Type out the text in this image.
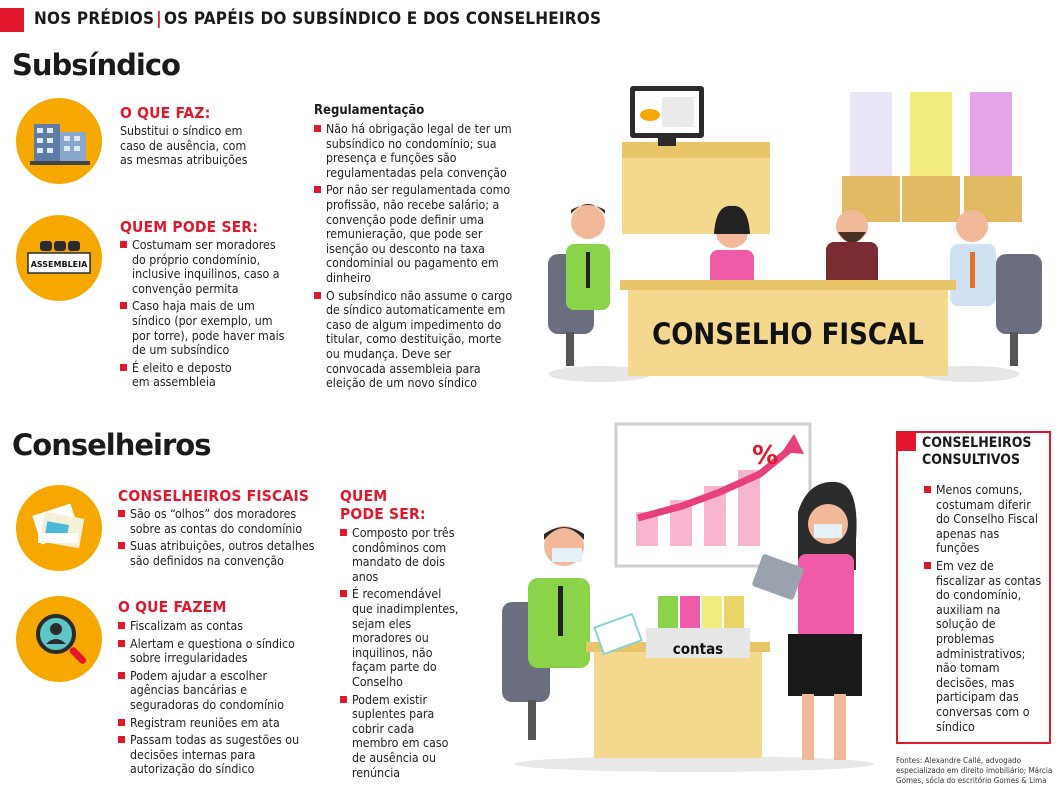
NOS PRÉDIOS | OS PAPÉIS DO SUBSÍNDICO E DOS CONSELHEIROS
Subsíndico
O QUE FAZ:
Substitui o síndico em caso de ausência, com as mesmas atribuições
ASSEMBLEIA
QUEM PODE SER:
Costumam ser moradores do próprio condomínio, inclusive inquilinos, caso a convenção permita
Caso haja mais de um síndico (por exemplo, um por torre), pode haver mais de um subsíndico
É eleito e deposto em assembleia
Regulamentação
Não há obrigação legal de ter um subsíndico no condomínio; sua presença e funções são regulamentadas pela convenção
Por não ser regulamentada como profissão, não recebe salário; a convenção pode definir uma remunieração, que pode ser isenção ou desconto na taxa condominial ou pagamento em dinheiro
O subsíndico não assume o cargo de síndico automaticamente em caso de algum impedimento do titular, como destituição, morte ou mudança. Deve ser convocada assembleia para eleição de um novo síndico
CONSELHO FISCAL
Conselheiros
CONSELHEIROS FISCAIS
São os “olhos” dos moradores sobre as contas do condomínio
Suas atribuições, outros detalhes são definidos na convenção
O QUE FAZEM
Fiscalizam as contas
Alertam e questiona o síndico sobre irregularidades
Podem ajudar a escolher agências bancárias e seguradoras do condomínio
Registram reuniões em ata
Passam todas as sugestões ou decisões internas para autorização do síndico
QUEM
PODE SER:
Composto por três condôminos com mandato de dois anos
É recomendável que inadimplentes, sejam eles moradores ou inquilinos, não façam parte do Conselho
Podem existir suplentes para cobrir cada membro em caso de ausência ou renúncia
%
contas
CONSELHEIROS
CONSULTIVOS
Menos comuns, costumam diferir do Conselho Fiscal apenas nas funções
Em vez de fiscalizar as contas do condomínio, auxiliam na solução de problemas administrativos; não tomam decisões, mas participam das conversas com o síndico
Fontes: Alexandre Callé, advogado especializado em direito imobiliário; Márcia Gomes, sócia do escritório Gomes & Lima
